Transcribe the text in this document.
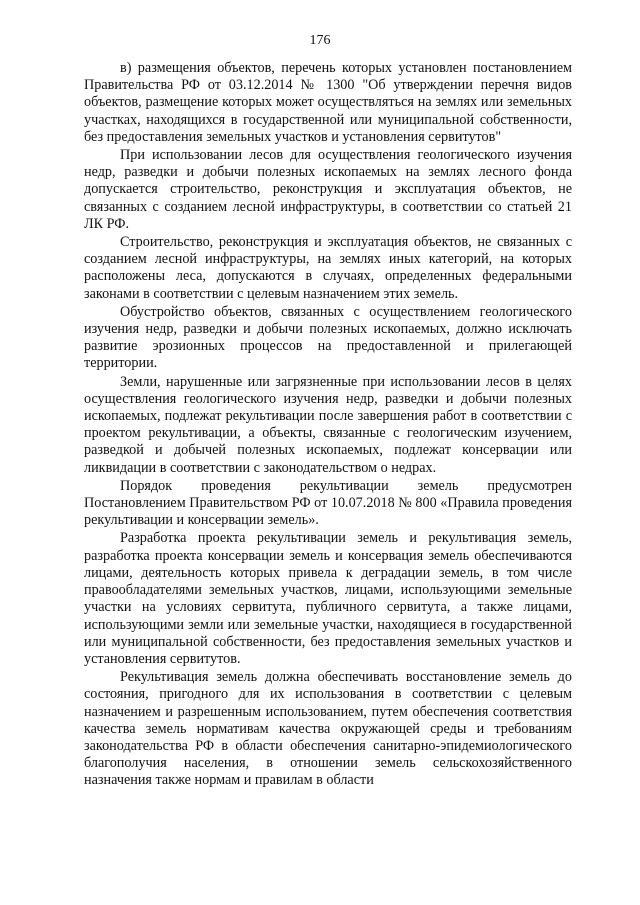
176

в) размещения объектов, перечень которых установлен постановлением Правительства РФ от 03.12.2014 № 1300 "Об утверждении перечня видов объектов, размещение которых может осуществляться на землях или земельных участках, находящихся в государственной или муниципальной собственности, без предоставления земельных участков и установления сервитутов"

При использовании лесов для осуществления геологического изучения недр, разведки и добычи полезных ископаемых на землях лесного фонда допускается строительство, реконструкция и эксплуатация объектов, не связанных с созданием лесной инфраструктуры, в соответствии со статьей 21 ЛК РФ.

Строительство, реконструкция и эксплуатация объектов, не связанных с созданием лесной инфраструктуры, на землях иных категорий, на которых расположены леса, допускаются в случаях, определенных федеральными законами в соответствии с целевым назначением этих земель.

Обустройство объектов, связанных с осуществлением геологического изучения недр, разведки и добычи полезных ископаемых, должно исключать развитие эрозионных процессов на предоставленной и прилегающей территории.

Земли, нарушенные или загрязненные при использовании лесов в целях осуществления геологического изучения недр, разведки и добычи полезных ископаемых, подлежат рекультивации после завершения работ в соответствии с проектом рекультивации, а объекты, связанные с геологическим изучением, разведкой и добычей полезных ископаемых, подлежат консервации или ликвидации в соответствии с законодательством о недрах.

Порядок проведения рекультивации земель предусмотрен Постановлением Правительством РФ от 10.07.2018 № 800 «Правила проведения рекультивации и консервации земель».

Разработка проекта рекультивации земель и рекультивация земель, разработка проекта консервации земель и консервация земель обеспечиваются лицами, деятельность которых привела к деградации земель, в том числе правообладателями земельных участков, лицами, использующими земельные участки на условиях сервитута, публичного сервитута, а также лицами, использующими земли или земельные участки, находящиеся в государственной или муниципальной собственности, без предоставления земельных участков и установления сервитутов.

Рекультивация земель должна обеспечивать восстановление земель до состояния, пригодного для их использования в соответствии с целевым назначением и разрешенным использованием, путем обеспечения соответствия качества земель нормативам качества окружающей среды и требованиям законодательства РФ в области обеспечения санитарно-эпидемиологического благополучия населения, в отношении земель сельскохозяйственного назначения также нормам и правилам в области
